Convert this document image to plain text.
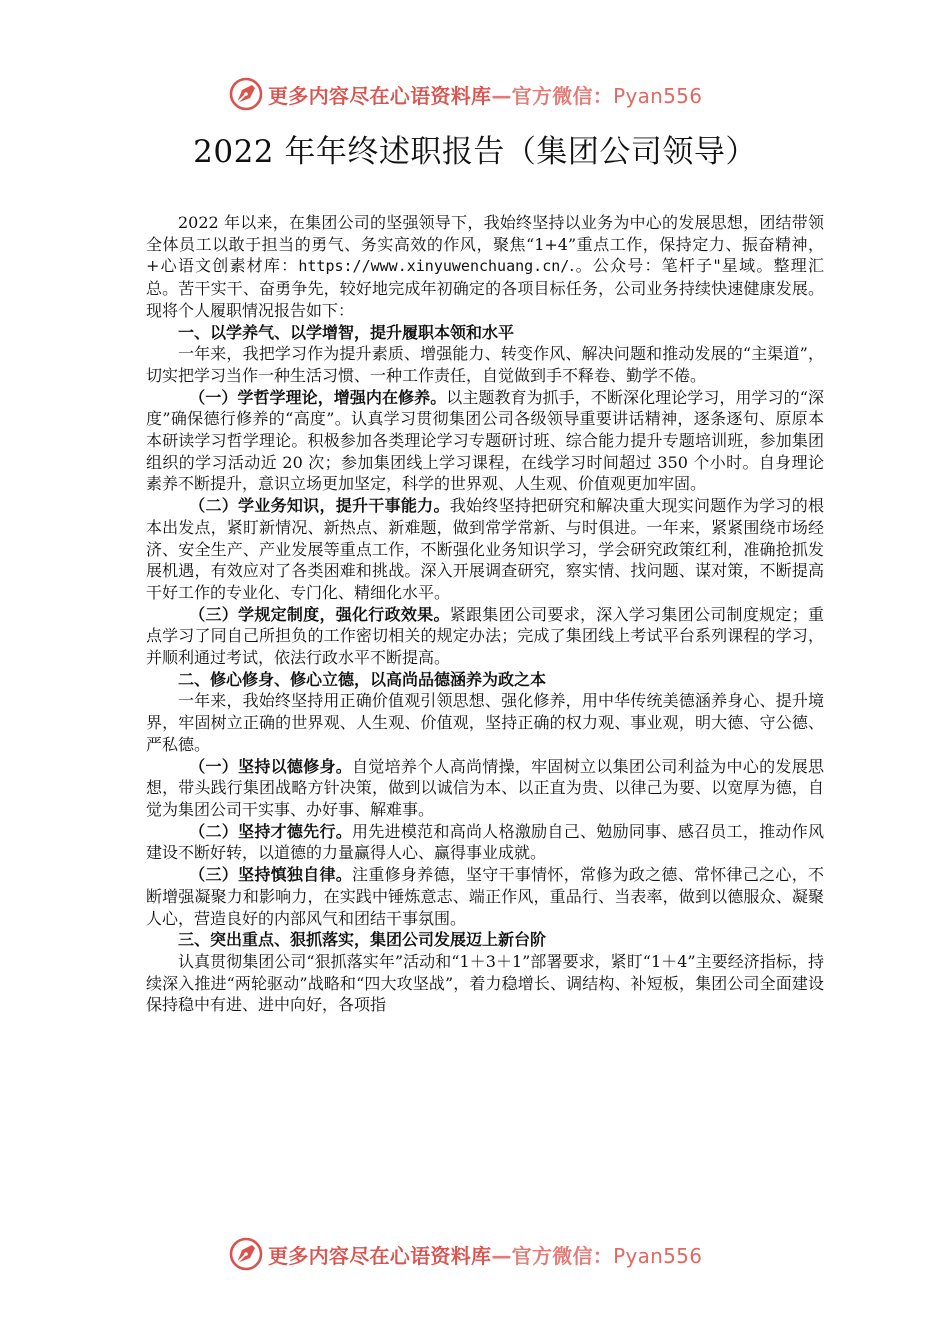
更多内容尽在心语资料库—官方微信：Pyan556
2022 年年终述职报告（集团公司领导）

2022 年以来，在集团公司的坚强领导下，我始终坚持以业务为中心的发展思想，团结带领全体员工以敢于担当的勇气、务实高效的作风，聚焦“1+4”重点工作，保持定力、振奋精神，+心语文创素材库：https://www.xinyuwenchuang.cn/.。公众号：笔杆子"星域。整理汇总。苦干实干、奋勇争先，较好地完成年初确定的各项目标任务，公司业务持续快速健康发展。现将个人履职情况报告如下：

一、以学养气、以学增智，提升履职本领和水平

一年来，我把学习作为提升素质、增强能力、转变作风、解决问题和推动发展的“主渠道”，切实把学习当作一种生活习惯、一种工作责任，自觉做到手不释卷、勤学不倦。

（一）学哲学理论，增强内在修养。以主题教育为抓手，不断深化理论学习，用学习的“深度”确保德行修养的“高度”。认真学习贯彻集团公司各级领导重要讲话精神，逐条逐句、原原本本研读学习哲学理论。积极参加各类理论学习专题研讨班、综合能力提升专题培训班，参加集团组织的学习活动近 20 次；参加集团线上学习课程，在线学习时间超过 350 个小时。自身理论素养不断提升，意识立场更加坚定，科学的世界观、人生观、价值观更加牢固。

（二）学业务知识，提升干事能力。我始终坚持把研究和解决重大现实问题作为学习的根本出发点，紧盯新情况、新热点、新难题，做到常学常新、与时俱进。一年来，紧紧围绕市场经济、安全生产、产业发展等重点工作，不断强化业务知识学习，学会研究政策红利，准确抢抓发展机遇，有效应对了各类困难和挑战。深入开展调查研究，察实情、找问题、谋对策，不断提高干好工作的专业化、专门化、精细化水平。

（三）学规定制度，强化行政效果。紧跟集团公司要求，深入学习集团公司制度规定；重点学习了同自己所担负的工作密切相关的规定办法；完成了集团线上考试平台系列课程的学习，并顺利通过考试，依法行政水平不断提高。

二、修心修身、修心立德，以高尚品德涵养为政之本

一年来，我始终坚持用正确价值观引领思想、强化修养，用中华传统美德涵养身心、提升境界，牢固树立正确的世界观、人生观、价值观，坚持正确的权力观、事业观，明大德、守公德、严私德。

（一）坚持以德修身。自觉培养个人高尚情操，牢固树立以集团公司利益为中心的发展思想，带头践行集团战略方针决策，做到以诚信为本、以正直为贵、以律己为要、以宽厚为德，自觉为集团公司干实事、办好事、解难事。

（二）坚持才德先行。用先进模范和高尚人格激励自己、勉励同事、感召员工，推动作风建设不断好转，以道德的力量赢得人心、赢得事业成就。

（三）坚持慎独自律。注重修身养德，坚守干事情怀，常修为政之德、常怀律己之心，不断增强凝聚力和影响力，在实践中锤炼意志、端正作风，重品行、当表率，做到以德服众、凝聚人心，营造良好的内部风气和团结干事氛围。

三、突出重点、狠抓落实，集团公司发展迈上新台阶

认真贯彻集团公司“狠抓落实年”活动和“1＋3＋1”部署要求，紧盯“1＋4”主要经济指标，持续深入推进“两轮驱动”战略和“四大攻坚战”，着力稳增长、调结构、补短板，集团公司全面建设保持稳中有进、进中向好，各项指

更多内容尽在心语资料库—官方微信：Pyan556
